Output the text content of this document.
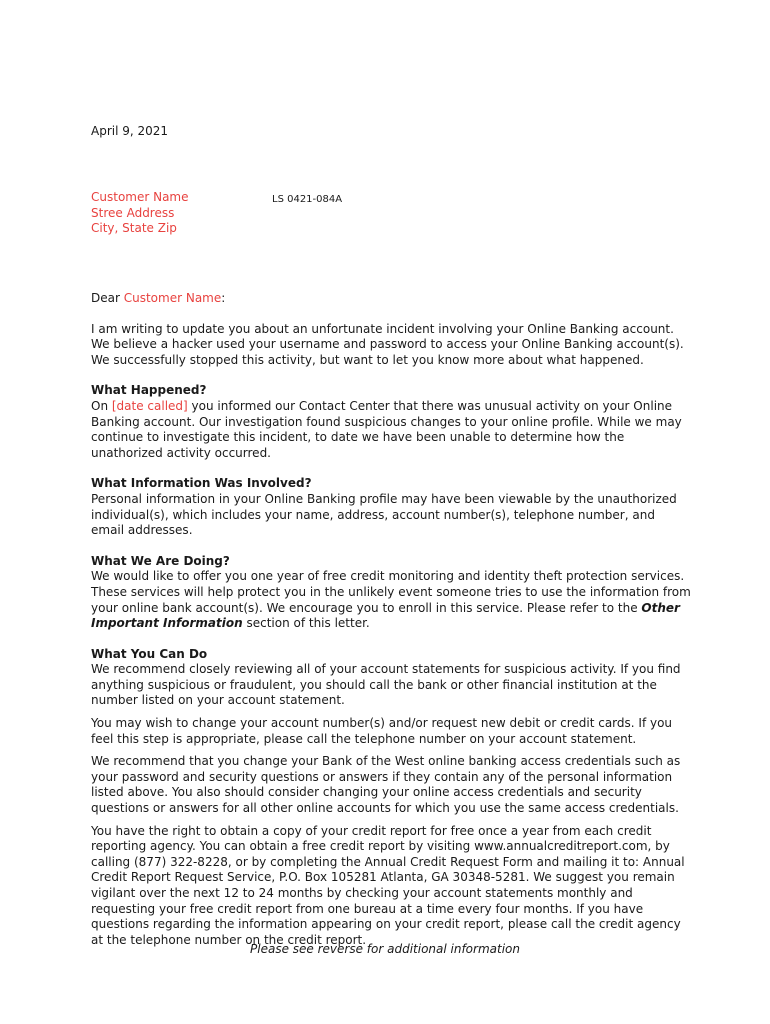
April 9, 2021
Customer Name
Stree Address
City, State Zip
LS 0421-084A

Dear Customer Name:

I am writing to update you about an unfortunate incident involving your Online Banking account. We believe a hacker used your username and password to access your Online Banking account(s). We successfully stopped this activity, but want to let you know more about what happened.

What Happened?

On [date called] you informed our Contact Center that there was unusual activity on your Online Banking account. Our investigation found suspicious changes to your online profile. While we may continue to investigate this incident, to date we have been unable to determine how the unathorized activity occurred.

What Information Was Involved?

Personal information in your Online Banking profile may have been viewable by the unauthorized individual(s), which includes your name, address, account number(s), telephone number, and email addresses.

What We Are Doing?

We would like to offer you one year of free credit monitoring and identity theft protection services. These services will help protect you in the unlikely event someone tries to use the information from your online bank account(s). We encourage you to enroll in this service. Please refer to the Other Important Information section of this letter.

What You Can Do

We recommend closely reviewing all of your account statements for suspicious activity. If you find anything suspicious or fraudulent, you should call the bank or other financial institution at the number listed on your account statement.

You may wish to change your account number(s) and/or request new debit or credit cards. If you feel this step is appropriate, please call the telephone number on your account statement.

We recommend that you change your Bank of the West online banking access credentials such as your password and security questions or answers if they contain any of the personal information listed above. You also should consider changing your online access credentials and security questions or answers for all other online accounts for which you use the same access credentials.

You have the right to obtain a copy of your credit report for free once a year from each credit reporting agency. You can obtain a free credit report by visiting www.annualcreditreport.com, by calling (877) 322-8228, or by completing the Annual Credit Request Form and mailing it to: Annual Credit Report Request Service, P.O. Box 105281 Atlanta, GA 30348-5281. We suggest you remain vigilant over the next 12 to 24 months by checking your account statements monthly and requesting your free credit report from one bureau at a time every four months. If you have questions regarding the information appearing on your credit report, please call the credit agency at the telephone number on the credit report.

Please see reverse for additional information
